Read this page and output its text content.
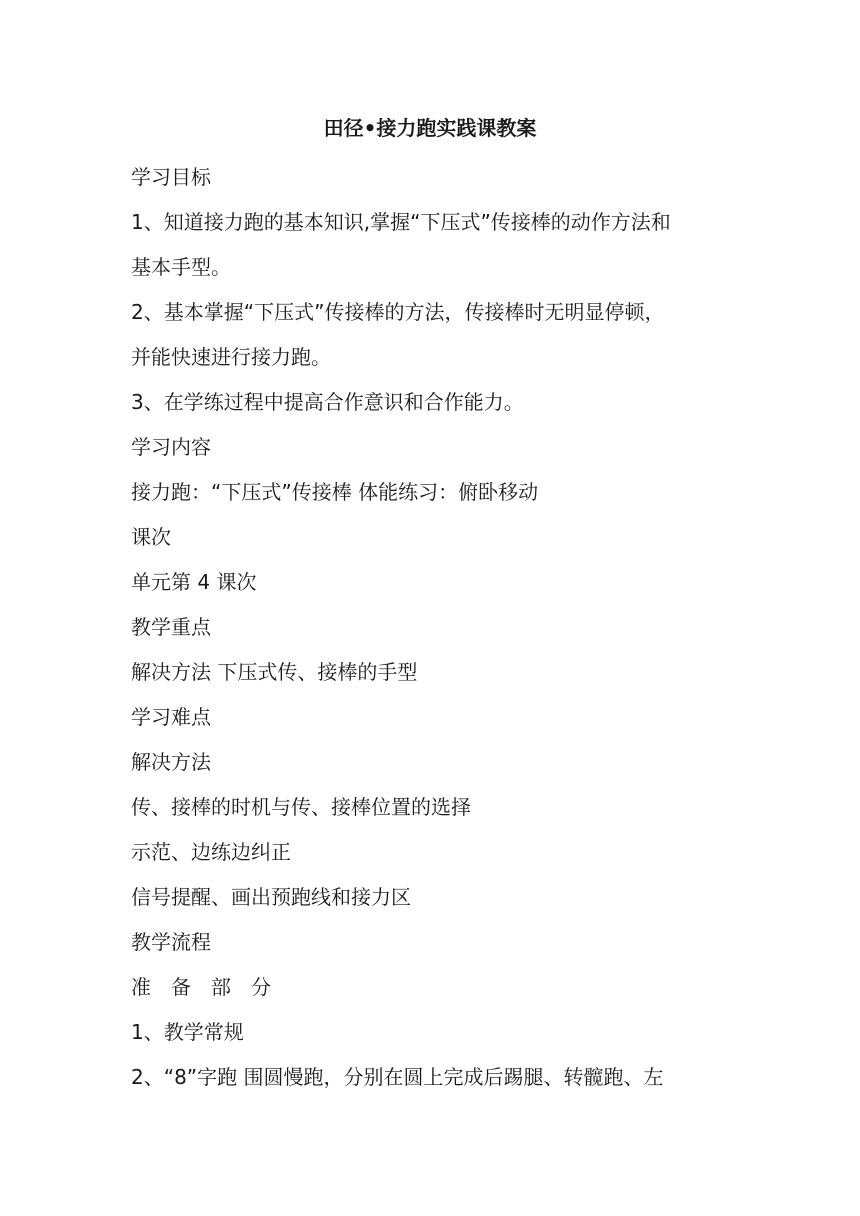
田径•接力跑实践课教案
学习目标
1、知道接力跑的基本知识,掌握“下压式”传接棒的动作方法和
基本手型。
2、基本掌握“下压式”传接棒的方法，传接棒时无明显停顿，
并能快速进行接力跑。
3、在学练过程中提高合作意识和合作能力。
学习内容
接力跑：“下压式”传接棒 体能练习：俯卧移动
课次
单元第 4 课次
教学重点
解决方法 下压式传、接棒的手型
学习难点
解决方法
传、接棒的时机与传、接棒位置的选择
示范、边练边纠正
信号提醒、画出预跑线和接力区
教学流程
准　备　部　分
1、教学常规
2、“8”字跑 围圆慢跑，分别在圆上完成后踢腿、转髋跑、左
